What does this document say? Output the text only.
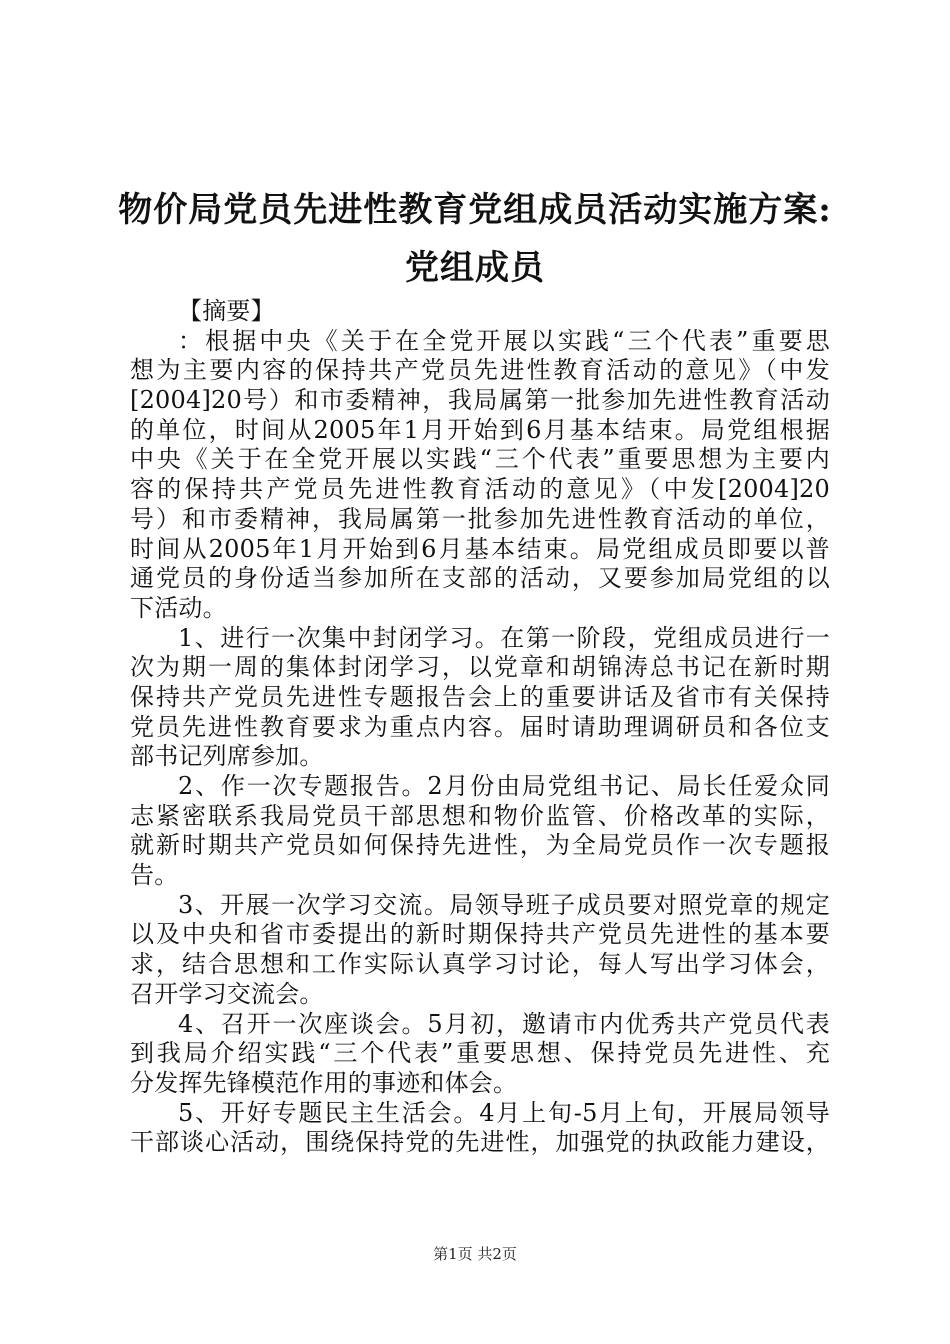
物价局党员先进性教育党组成员活动实施方案:
党组成员
【摘要】
：根据中央《关于在全党开展以实践“三个代表”重要思
想为主要内容的保持共产党员先进性教育活动的意见》（中发
[2004]20号）和市委精神，我局属第一批参加先进性教育活动
的单位，时间从2005年1月开始到6月基本结束。局党组根据
中央《关于在全党开展以实践“三个代表”重要思想为主要内
容的保持共产党员先进性教育活动的意见》（中发[2004]20
号）和市委精神，我局属第一批参加先进性教育活动的单位，
时间从2005年1月开始到6月基本结束。局党组成员即要以普
通党员的身份适当参加所在支部的活动，又要参加局党组的以
下活动。
1、进行一次集中封闭学习。在第一阶段，党组成员进行一
次为期一周的集体封闭学习，以党章和胡锦涛总书记在新时期
保持共产党员先进性专题报告会上的重要讲话及省市有关保持
党员先进性教育要求为重点内容。届时请助理调研员和各位支
部书记列席参加。
2、作一次专题报告。2月份由局党组书记、局长任爱众同
志紧密联系我局党员干部思想和物价监管、价格改革的实际，
就新时期共产党员如何保持先进性，为全局党员作一次专题报
告。
3、开展一次学习交流。局领导班子成员要对照党章的规定
以及中央和省市委提出的新时期保持共产党员先进性的基本要
求，结合思想和工作实际认真学习讨论，每人写出学习体会，
召开学习交流会。
4、召开一次座谈会。5月初，邀请市内优秀共产党员代表
到我局介绍实践“三个代表”重要思想、保持党员先进性、充
分发挥先锋模范作用的事迹和体会。
5、开好专题民主生活会。4月上旬-5月上旬，开展局领导
干部谈心活动，围绕保持党的先进性，加强党的执政能力建设，
第1页 共2页
